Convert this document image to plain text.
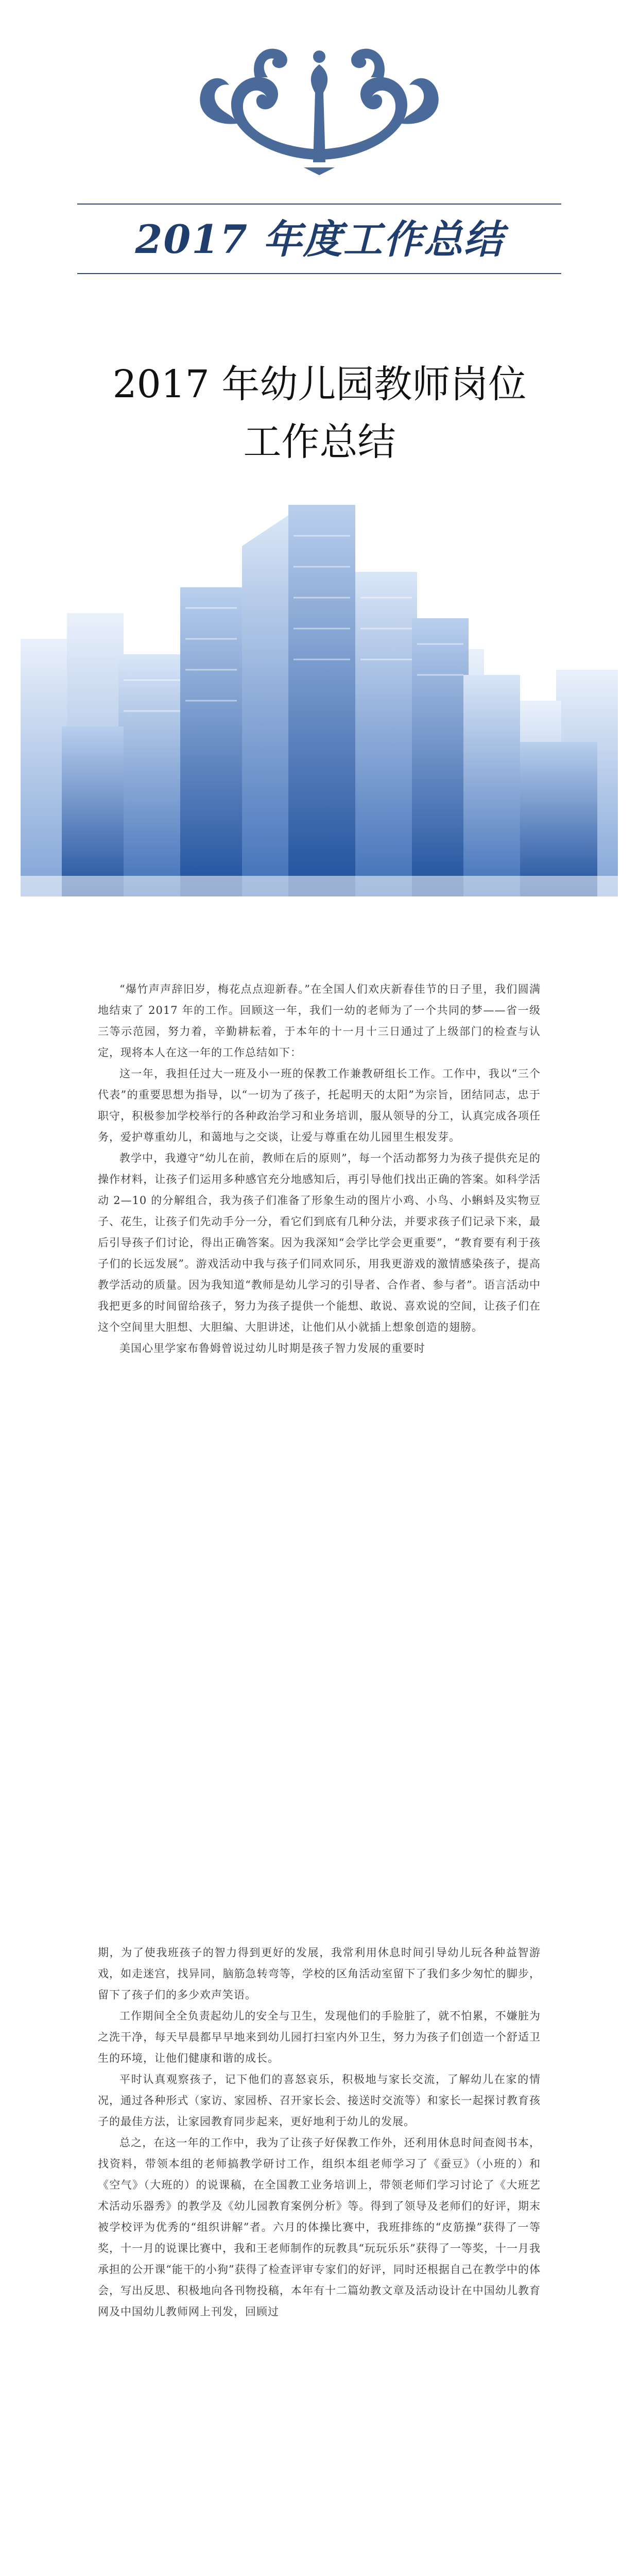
2017 年度工作总结
2017 年幼儿园教师岗位
工作总结

“爆竹声声辞旧岁，梅花点点迎新春。”在全国人们欢庆新春佳节的日子里，我们圆满地结束了 2017 年的工作。回顾这一年，我们一幼的老师为了一个共同的梦——省一级三等示范园，努力着，辛勤耕耘着，于本年的十一月十三日通过了上级部门的检查与认定，现将本人在这一年的工作总结如下：

这一年，我担任过大一班及小一班的保教工作兼教研组长工作。工作中，我以“三个代表”的重要思想为指导，以“一切为了孩子，托起明天的太阳”为宗旨，团结同志，忠于职守，积极参加学校举行的各种政治学习和业务培训，服从领导的分工，认真完成各项任务，爱护尊重幼儿，和蔼地与之交谈，让爱与尊重在幼儿园里生根发芽。

教学中，我遵守“幼儿在前，教师在后的原则”，每一个活动都努力为孩子提供充足的操作材料，让孩子们运用多种感官充分地感知后，再引导他们找出正确的答案。如科学活动 2—10 的分解组合，我为孩子们准备了形象生动的图片小鸡、小鸟、小蝌蚪及实物豆子、花生，让孩子们先动手分一分，看它们到底有几种分法，并要求孩子们记录下来，最后引导孩子们讨论，得出正确答案。因为我深知“会学比学会更重要”，“教育要有利于孩子们的长远发展”。游戏活动中我与孩子们同欢同乐，用我更游戏的激情感染孩子，提高教学活动的质量。因为我知道“教师是幼儿学习的引导者、合作者、参与者”。语言活动中我把更多的时间留给孩子，努力为孩子提供一个能想、敢说、喜欢说的空间，让孩子们在这个空间里大胆想、大胆编、大胆讲述，让他们从小就插上想象创造的翅膀。

美国心里学家布鲁姆曾说过幼儿时期是孩子智力发展的重要时

期，为了使我班孩子的智力得到更好的发展，我常利用休息时间引导幼儿玩各种益智游戏，如走迷宫，找异同，脑筋急转弯等，学校的区角活动室留下了我们多少匆忙的脚步，留下了孩子们的多少欢声笑语。

工作期间全全负责起幼儿的安全与卫生，发现他们的手脸脏了，就不怕累，不嫌脏为之洗干净，每天早晨都早早地来到幼儿园打扫室内外卫生，努力为孩子们创造一个舒适卫生的环境，让他们健康和谐的成长。

平时认真观察孩子，记下他们的喜怒哀乐，积极地与家长交流，了解幼儿在家的情况，通过各种形式（家访、家园桥、召开家长会、接送时交流等）和家长一起探讨教育孩子的最佳方法，让家园教育同步起来，更好地利于幼儿的发展。

总之，在这一年的工作中，我为了让孩子好保教工作外，还利用休息时间查阅书本，找资料，带领本组的老师搞教学研讨工作，组织本组老师学习了《蚕豆》（小班的）和《空气》（大班的）的说课稿，在全国教工业务培训上，带领老师们学习讨论了《大班艺术活动乐器秀》的教学及《幼儿园教育案例分析》等。得到了领导及老师们的好评，期末被学校评为优秀的“组织讲解”者。六月的体操比赛中，我班排练的“皮筋操”获得了一等奖，十一月的说课比赛中，我和王老师制作的玩教具“玩玩乐乐”获得了一等奖，十一月我承担的公开课“能干的小狗”获得了检查评审专家们的好评，同时还根据自己在教学中的体会，写出反思、积极地向各刊物投稿，本年有十二篇幼教文章及活动设计在中国幼儿教育网及中国幼儿教师网上刊发，回顾过
